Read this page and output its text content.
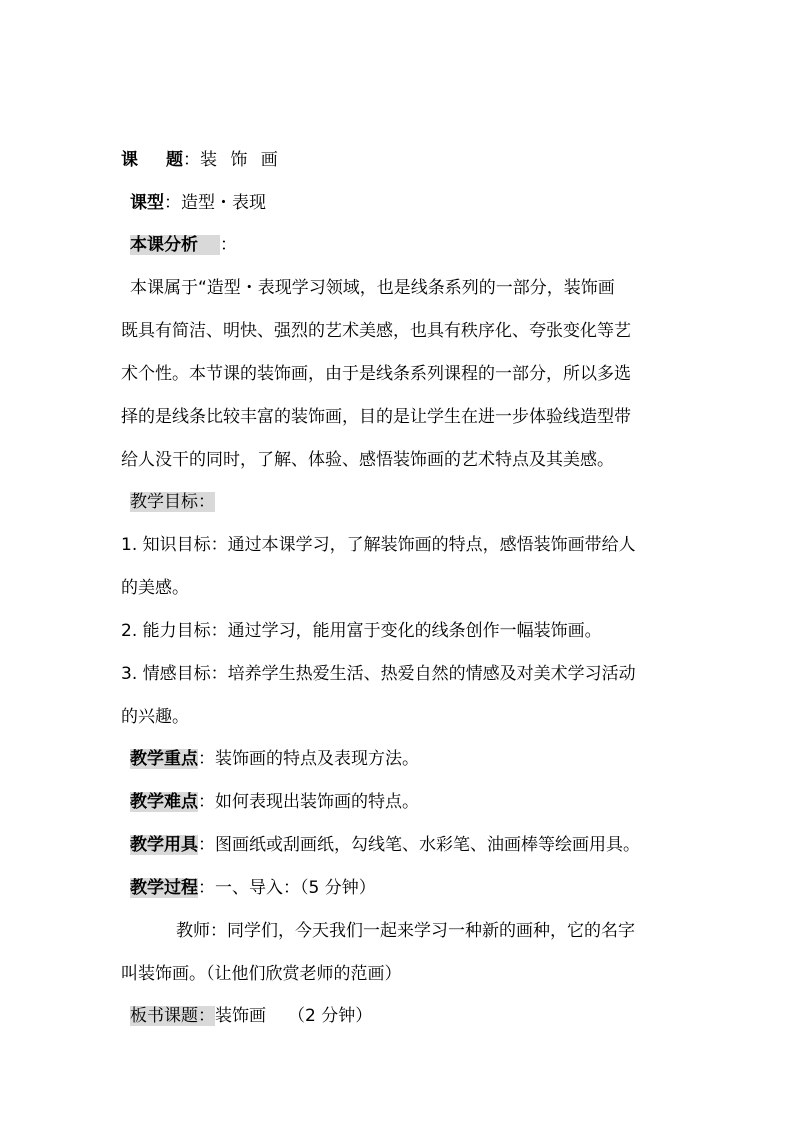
课 题：装 饰 画
课型：造型・表现
本课分析 ：
本课属于“造型・表现学习领域，也是线条系列的一部分，装饰画
既具有简洁、明快、强烈的艺术美感，也具有秩序化、夸张变化等艺
术个性。本节课的装饰画，由于是线条系列课程的一部分，所以多选
择的是线条比较丰富的装饰画，目的是让学生在进一步体验线造型带
给人没干的同时，了解、体验、感悟装饰画的艺术特点及其美感。
教学目标：
1. 知识目标：通过本课学习，了解装饰画的特点，感悟装饰画带给人
的美感。
2. 能力目标：通过学习，能用富于变化的线条创作一幅装饰画。
3. 情感目标：培养学生热爱生活、热爱自然的情感及对美术学习活动
的兴趣。
教学重点：装饰画的特点及表现方法。
教学难点：如何表现出装饰画的特点。
教学用具：图画纸或刮画纸，勾线笔、水彩笔、油画棒等绘画用具。
教学过程：一、导入：（5 分钟）
教师：同学们，今天我们一起来学习一种新的画种，它的名字
叫装饰画。（让他们欣赏老师的范画）
板书课题：装饰画 （2 分钟）
